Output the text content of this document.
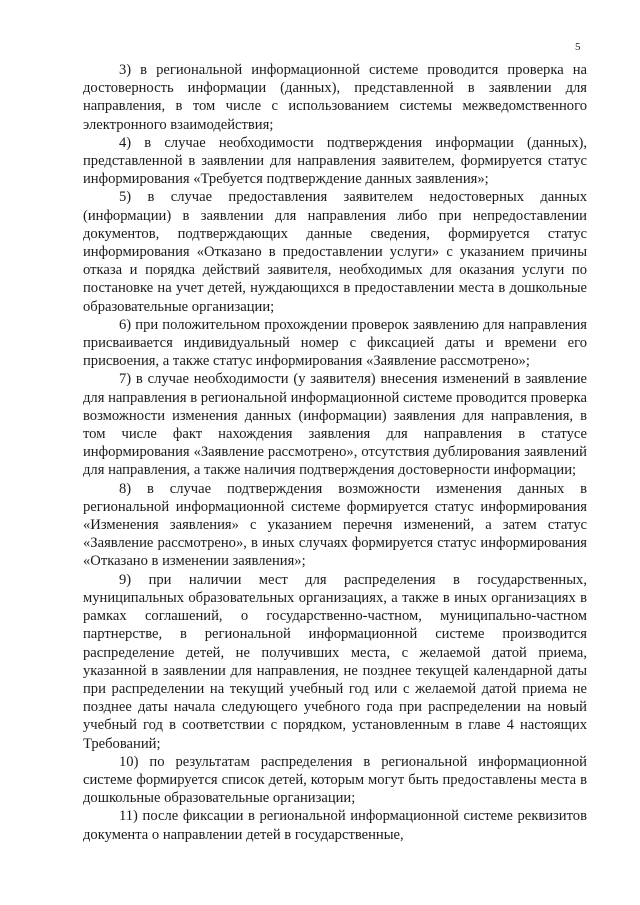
5

3) в региональной информационной системе проводится проверка на достоверность информации (данных), представленной в заявлении для направления, в том числе с использованием системы межведомственного электронного взаимодействия;

4) в случае необходимости подтверждения информации (данных), представленной в заявлении для направления заявителем, формируется статус информирования «Требуется подтверждение данных заявления»;

5) в случае предоставления заявителем недостоверных данных (информации) в заявлении для направления либо при непредоставлении документов, подтверждающих данные сведения, формируется статус информирования «Отказано в предоставлении услуги» с указанием причины отказа и порядка действий заявителя, необходимых для оказания услуги по постановке на учет детей, нуждающихся в предоставлении места в дошкольные образовательные организации;

6) при положительном прохождении проверок заявлению для направления присваивается индивидуальный номер с фиксацией даты и времени его присвоения, а также статус информирования «Заявление рассмотрено»;

7) в случае необходимости (у заявителя) внесения изменений в заявление для направления в региональной информационной системе проводится проверка возможности изменения данных (информации) заявления для направления, в том числе факт нахождения заявления для направления в статусе информирования «Заявление рассмотрено», отсутствия дублирования заявлений для направления, а также наличия подтверждения достоверности информации;

8) в случае подтверждения возможности изменения данных в региональной информационной системе формируется статус информирования «Изменения заявления» с указанием перечня изменений, а затем статус «Заявление рассмотрено», в иных случаях формируется статус информирования «Отказано в изменении заявления»;

9) при наличии мест для распределения в государственных, муниципальных образовательных организациях, а также в иных организациях в рамках соглашений, о государственно-частном, муниципально-частном партнерстве, в региональной информационной системе производится распределение детей, не получивших места, с желаемой датой приема, указанной в заявлении для направления, не позднее текущей календарной даты при распределении на текущий учебный год или с желаемой датой приема не позднее даты начала следующего учебного года при распределении на новый учебный год в соответствии с порядком, установленным в главе 4 настоящих Требований;

10) по результатам распределения в региональной информационной системе формируется список детей, которым могут быть предоставлены места в дошкольные образовательные организации;

11) после фиксации в региональной информационной системе реквизитов документа о направлении детей в государственные,
